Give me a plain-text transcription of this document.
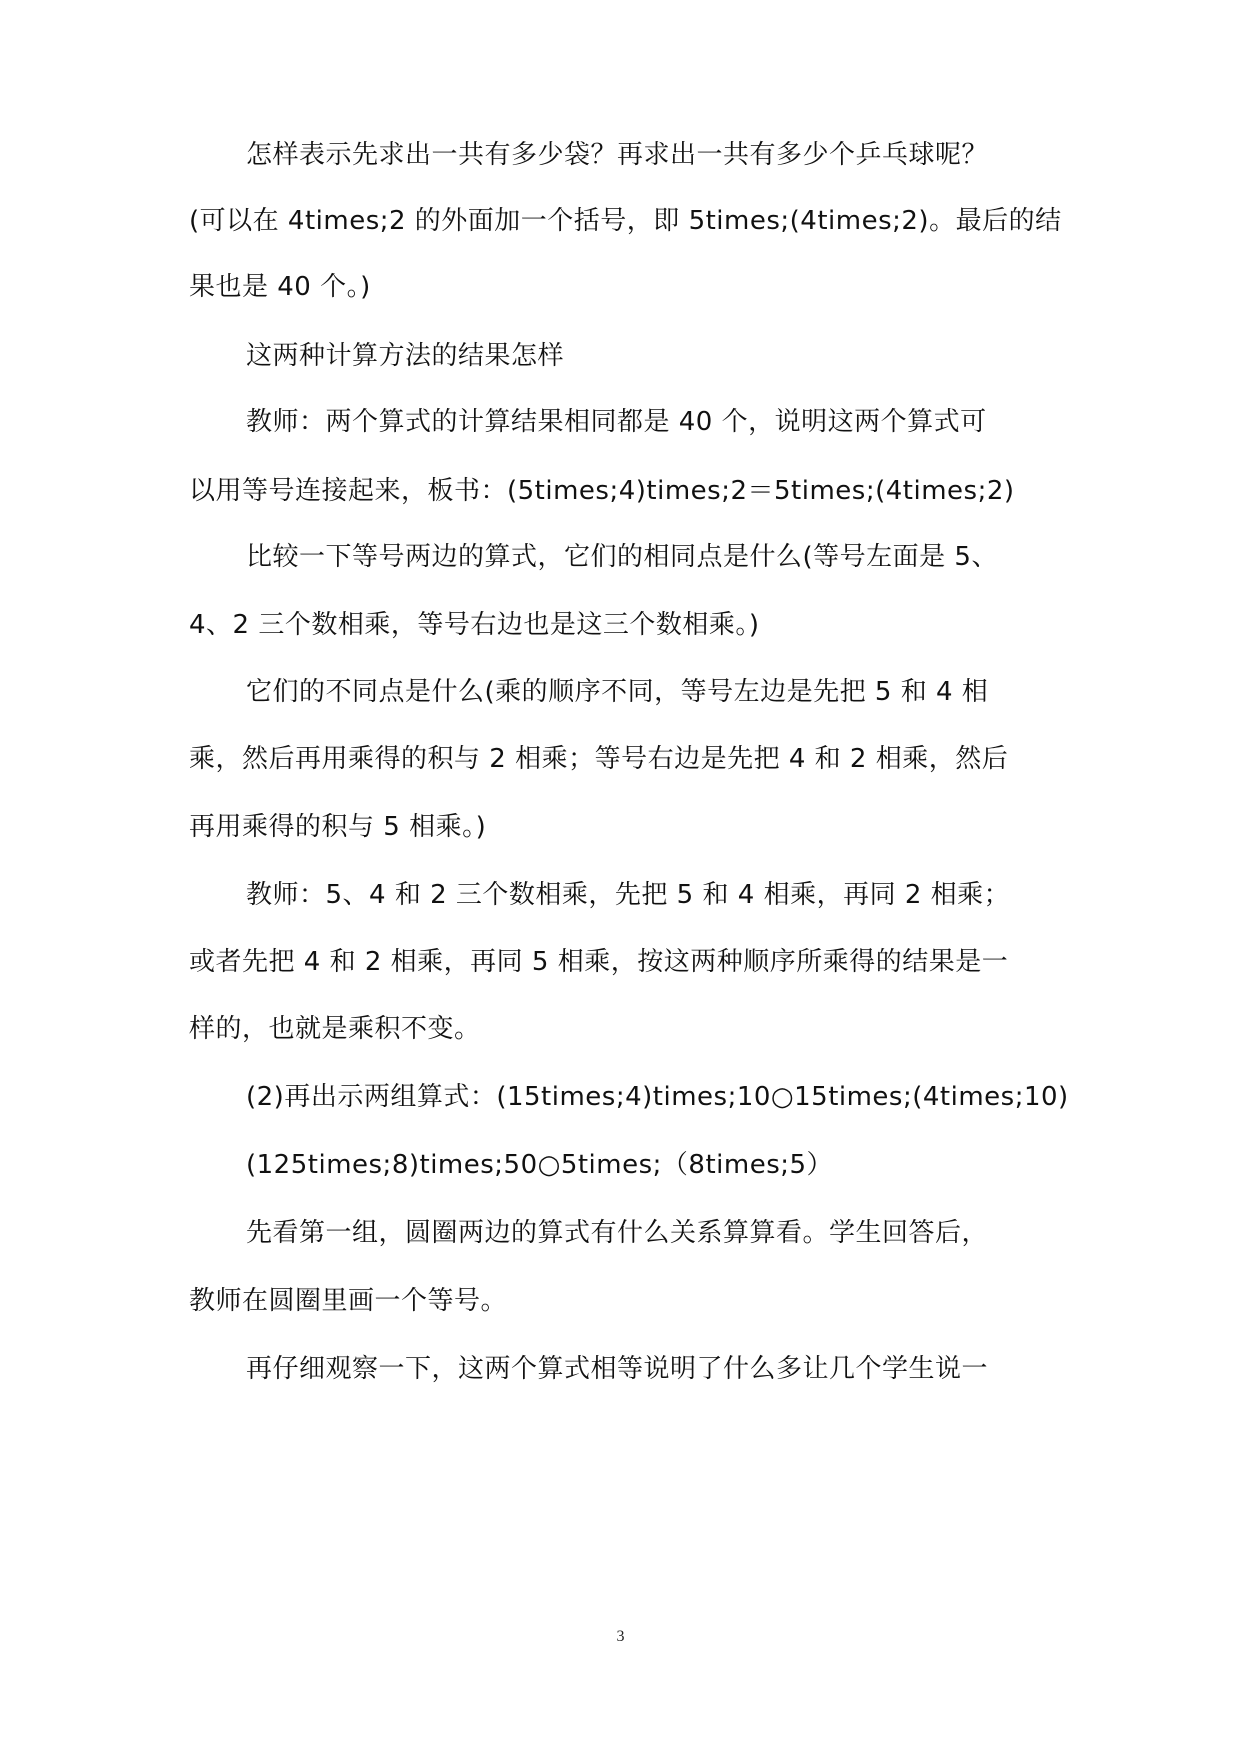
怎样表示先求出一共有多少袋？再求出一共有多少个乒乓球呢？
(可以在 4times;2 的外面加一个括号，即 5times;(4times;2)。最后的结
果也是 40 个。)
这两种计算方法的结果怎样
教师：两个算式的计算结果相同都是 40 个，说明这两个算式可
以用等号连接起来，板书：(5times;4)times;2＝5times;(4times;2)
比较一下等号两边的算式，它们的相同点是什么(等号左面是 5、
4、2 三个数相乘，等号右边也是这三个数相乘。)
它们的不同点是什么(乘的顺序不同，等号左边是先把 5 和 4 相
乘，然后再用乘得的积与 2 相乘；等号右边是先把 4 和 2 相乘，然后
再用乘得的积与 5 相乘。)
教师：5、4 和 2 三个数相乘，先把 5 和 4 相乘，再同 2 相乘；
或者先把 4 和 2 相乘，再同 5 相乘，按这两种顺序所乘得的结果是一
样的，也就是乘积不变。
(2)再出示两组算式：(15times;4)times;10○15times;(4times;10)
(125times;8)times;50○5times;（8times;5）
先看第一组，圆圈两边的算式有什么关系算算看。学生回答后，
教师在圆圈里画一个等号。
再仔细观察一下，这两个算式相等说明了什么多让几个学生说一
3
